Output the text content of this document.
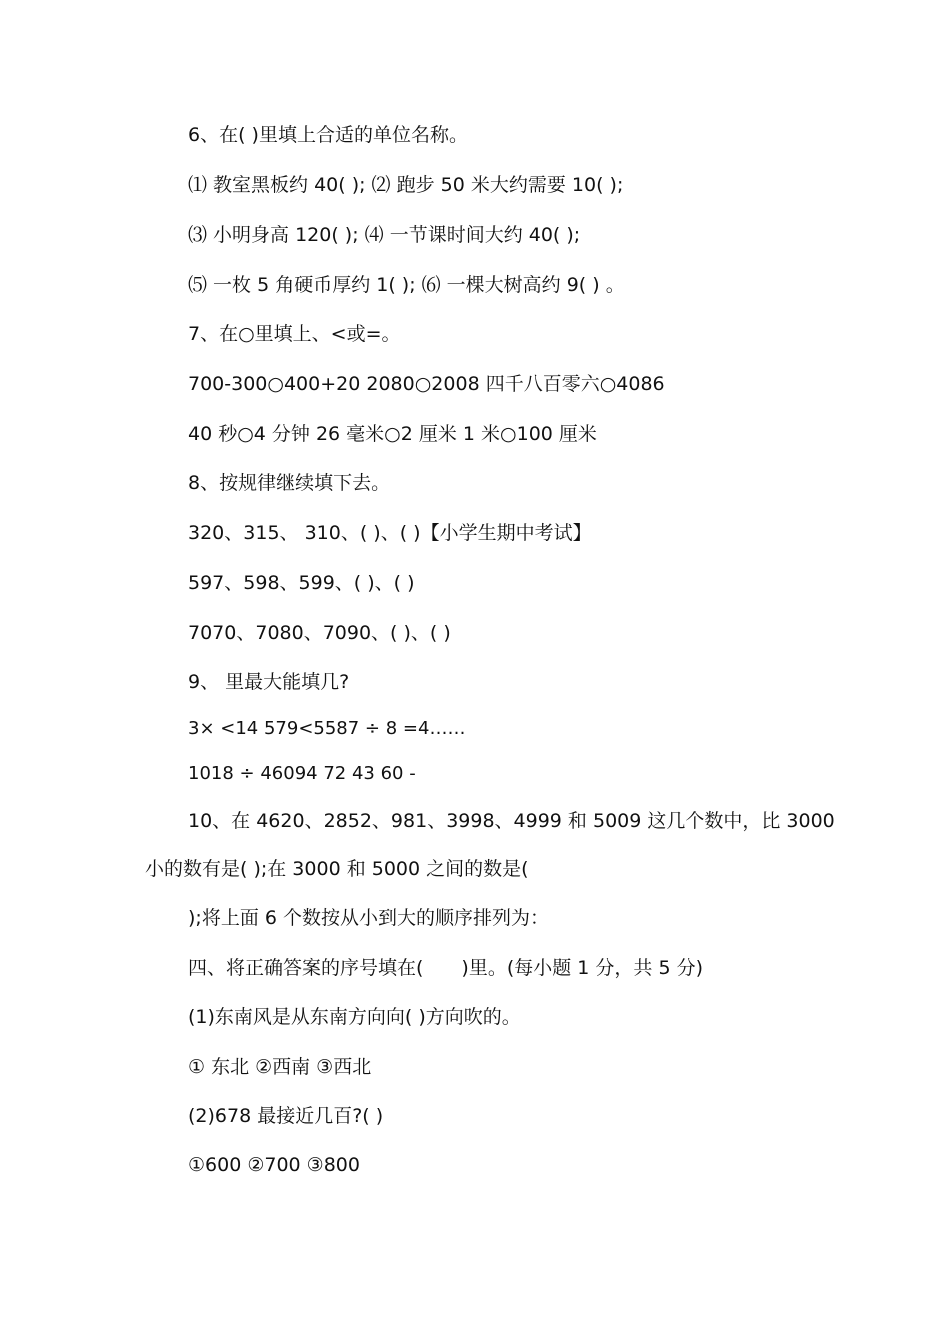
6、在( )里填上合适的单位名称。
⑴ 教室黑板约 40( ); ⑵ 跑步 50 米大约需要 10( );
⑶ 小明身高 120( ); ⑷ 一节课时间大约 40( );
⑸ 一枚 5 角硬币厚约 1( ); ⑹ 一棵大树高约 9( ) 。
7、在○里填上、<或=。
700-300○400+20 2080○2008 四千八百零六○4086
40 秒○4 分钟 26 毫米○2 厘米 1 米○100 厘米
8、按规律继续填下去。
320、315、 310、( )、( )【小学生期中考试】
597、598、599、( )、( )
7070、7080、7090、( )、( )
9、 里最大能填几?
3× <14 579<5587 ÷ 8 =4……
1018 ÷ 46094 72 43 60 -
10、在 4620、2852、981、3998、4999 和 5009 这几个数中，比 3000
小的数有是( );在 3000 和 5000 之间的数是(
);将上面 6 个数按从小到大的顺序排列为：
四、将正确答案的序号填在( )里。(每小题 1 分，共 5 分)
(1)东南风是从东南方向向( )方向吹的。
① 东北 ②西南 ③西北
(2)678 最接近几百?( )
①600 ②700 ③800
